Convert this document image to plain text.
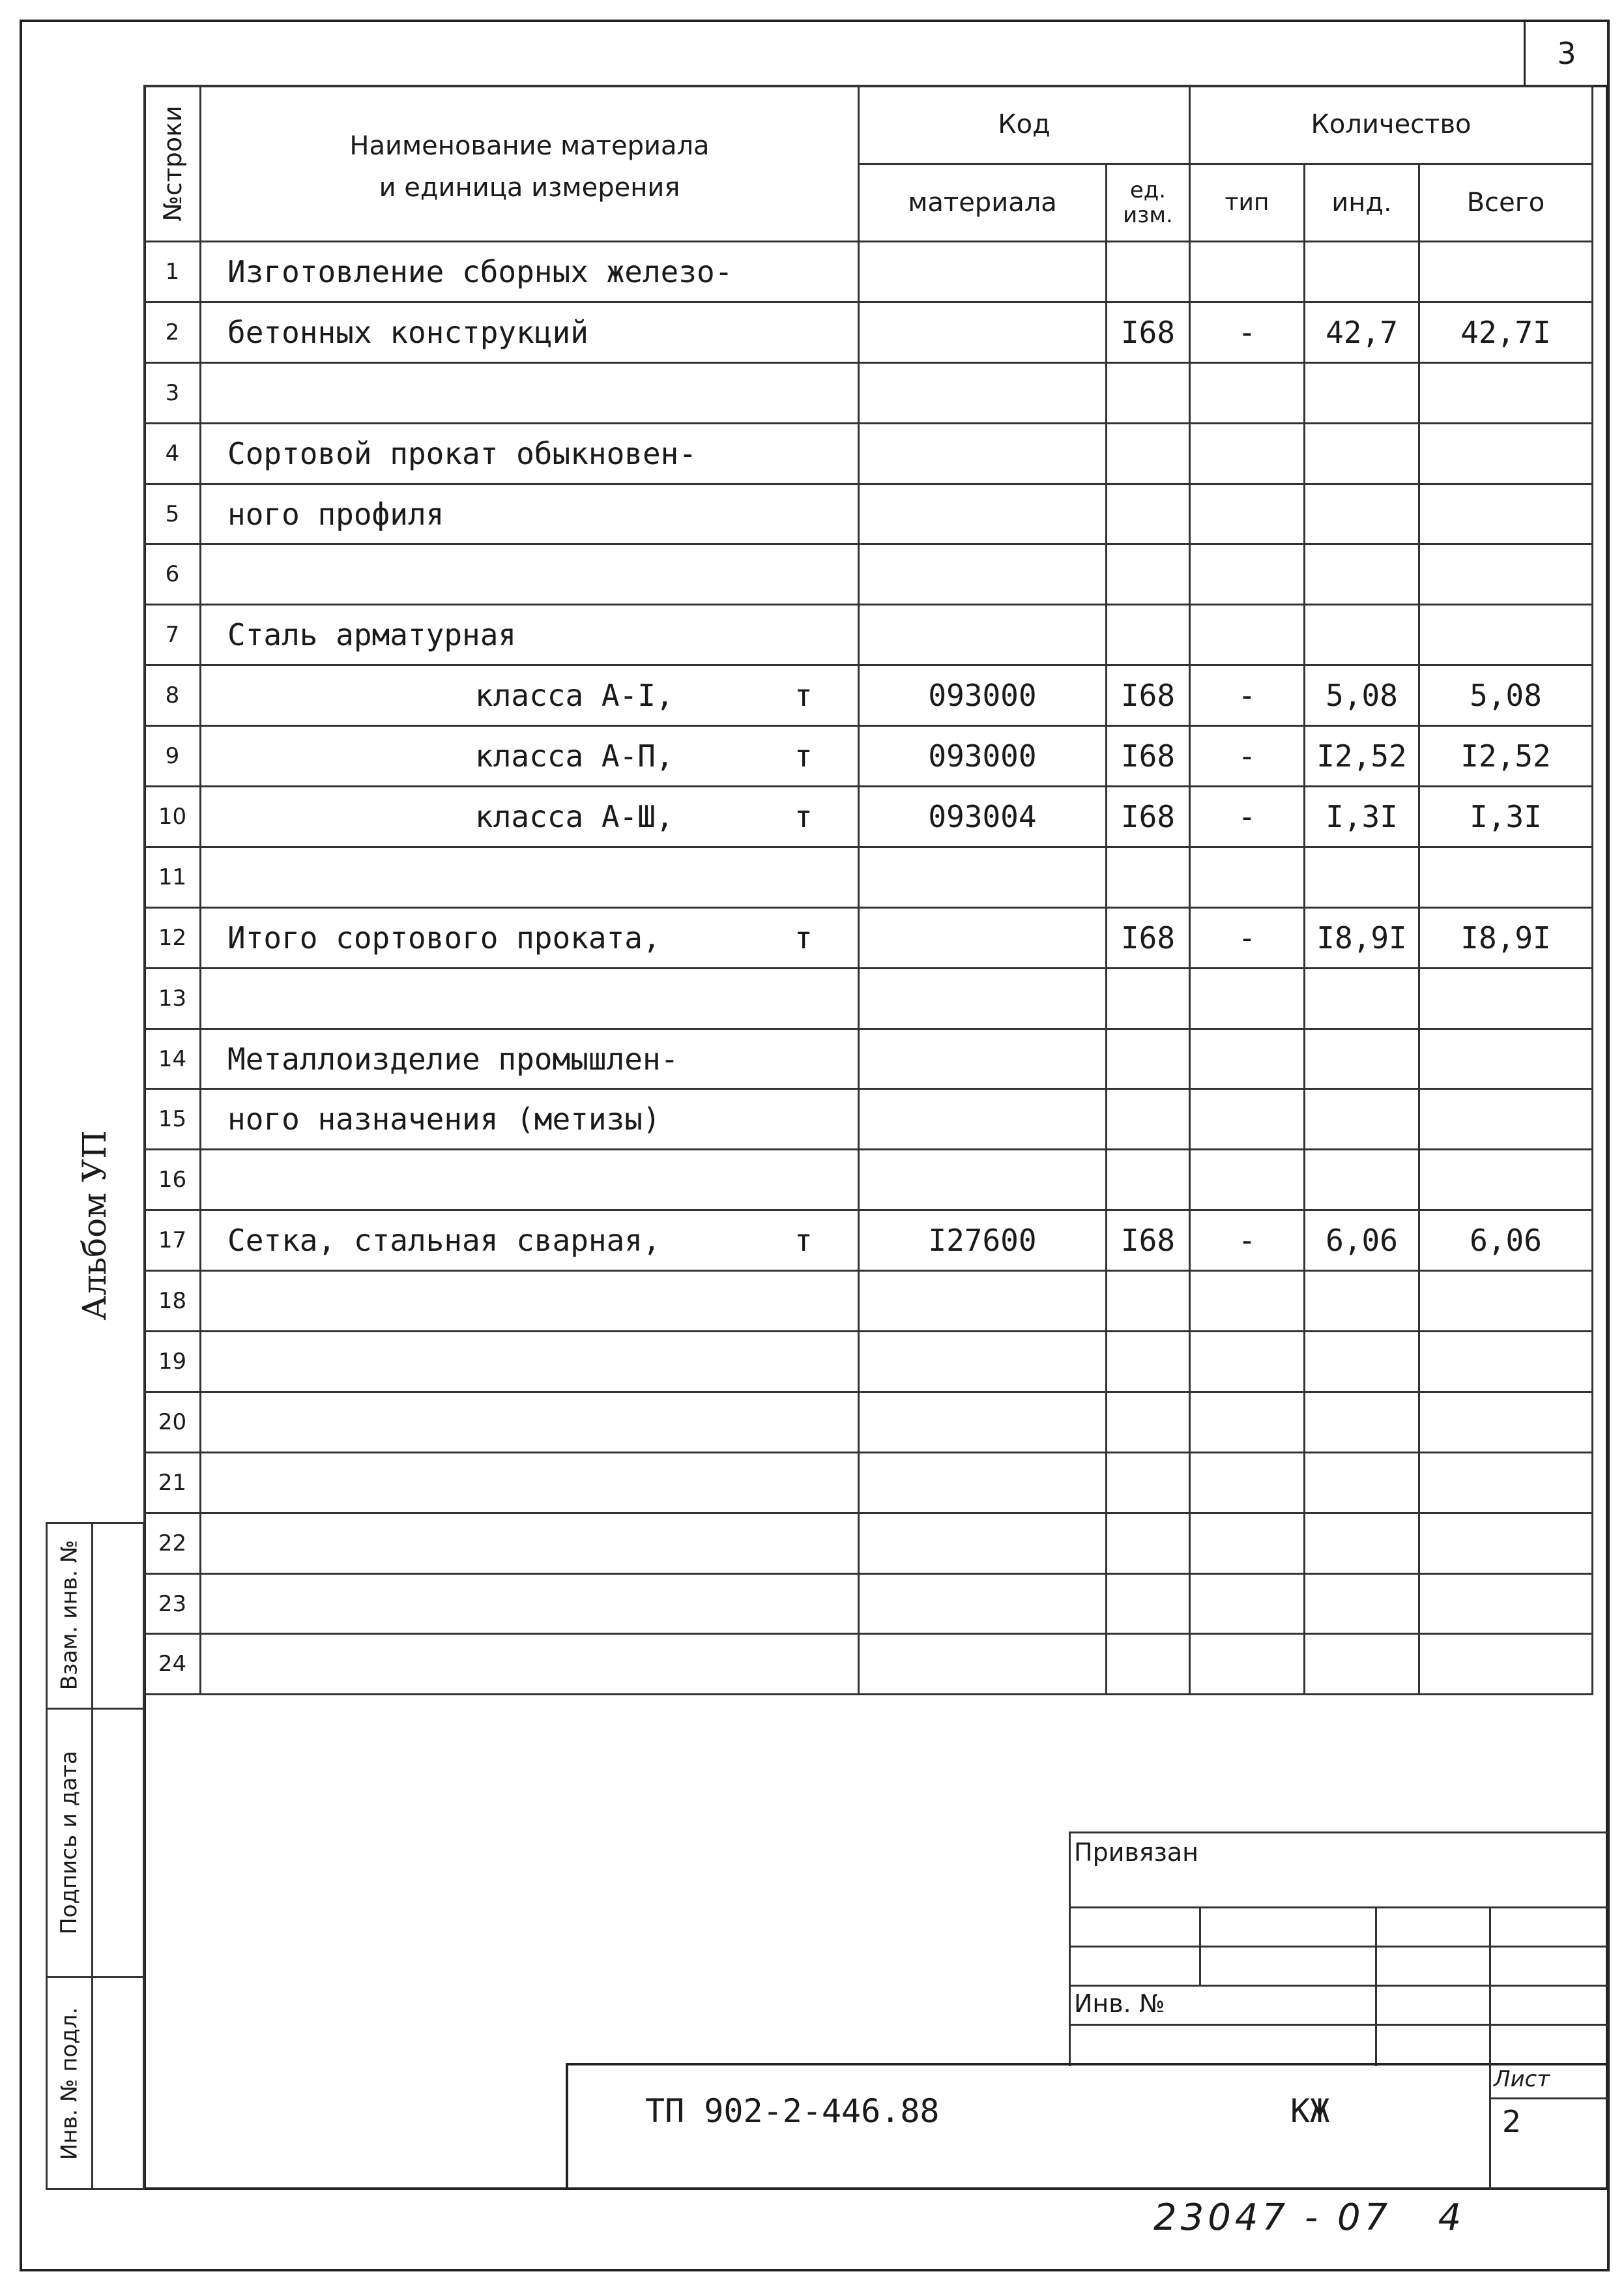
3
№строки	Наименование материала
и единица измерения	Код		Количество		
		материала	ед. изм.	тип	инд.	Всего
1	Изготовление сборных железо-					
2	бетонных конструкций		I68	-	42,7	42,7I
3						
4	Сортовой прокат обыкновен-					
5	ного профиля					
6						
7	Сталь арматурная					
8	класса А-I, т	093000	I68	-	5,08	5,08
9	класса А-П, т	093000	I68	-	I2,52	I2,52
10	класса А-Ш, т	093004	I68	-	I,3I	I,3I
11						
12	Итого сортового проката, т		I68	-	I8,9I	I8,9I
13						
14	Металлоизделие промышлен-					
15	ного назначения (метизы)					
16						
17	Сетка, стальная сварная, т	I27600	I68	-	6,06	6,06
18						
19						
20						
21						
22						
23						
24						
Альбом УП
Взам. инв. №
Подпись и дата
Инв. № подл.
Привязан
Инв. №
ТП 902-2-446.88	КЖ
Лист
2
23047 - 07   4
